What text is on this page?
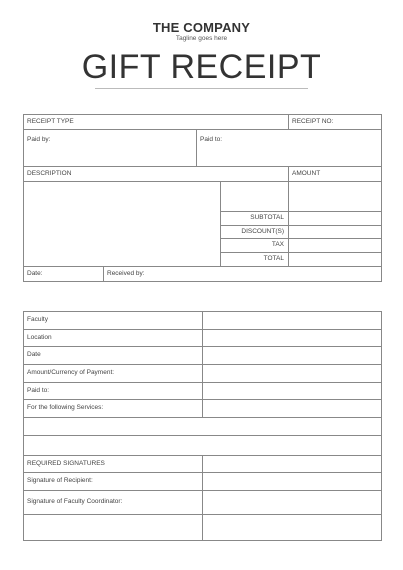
THE COMPANY
Tagline goes here
GIFT RECEIPT
RECEIPT TYPE	RECEIPT NO:
Paid by:	Paid to:
DESCRIPTION	AMOUNT
SUBTOTAL
DISCOUNT(S)
TAX
TOTAL
Date:	Received by:
Faculty
Location
Date
Amount/Currency of Payment:
Paid to:
For the following Services:
REQUIRED SIGNATURES
Signature of Recipient:
Signature of Faculty Coordinator:
